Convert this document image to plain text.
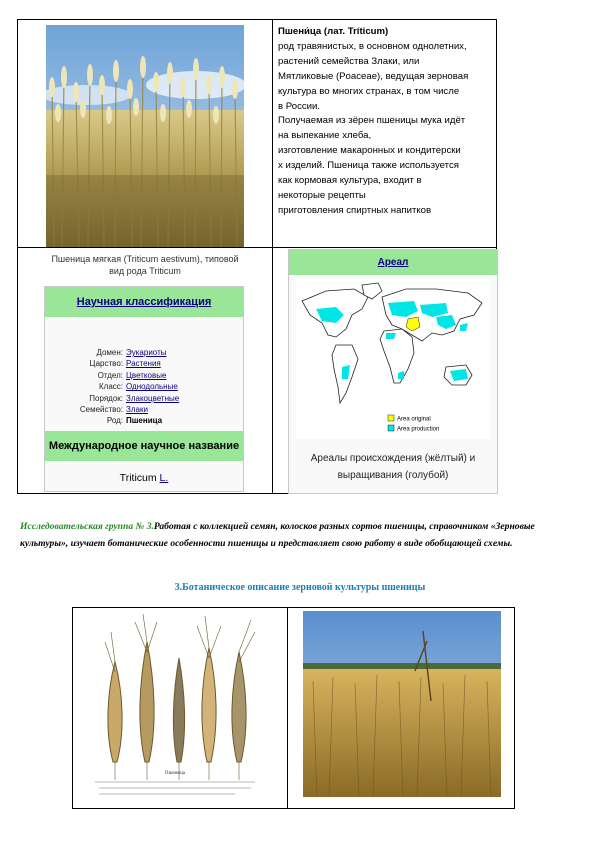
Пшеница мягкая (Triticum aestivum), типовой вид рода Triticum
Научная классификация
Домен: Эукариоты
Царство: Растения
Отдел: Цветковые
Класс: Однодольные
Порядок: Злакоцветные
Семейство: Злаки
Род: Пшеница
Международное научное название
Triticum L.

Пшени́ца (лат. Tríticum)

род травянистых, в основном однолетних,

растений семейства Злаки, или

Мятликовые (Poaceae), ведущая зерновая

культура во многих странах, в том числе

в России.

Получаемая из зёрен пшеницы мука идёт

на выпекание хлеба,

изготовление макаронных и кондитерски

х изделий. Пшеница также используется

как кормовая культура, входит в

некоторые рецепты

приготовления спиртных напитков

Ареал
Area original
Area production
Ареалы происхождения (жёлтый) и
выращивания (голубой)
Исследовательская группа № 3.Работая с коллекцией семян, колосков разных сортов пшеницы, справочником «Зерновые культуры», изучает ботанические особенности пшеницы и представляет свою работу в виде обобщающей схемы.
3.Ботаническое описание зерновой культуры пшеницы
Пшеница
